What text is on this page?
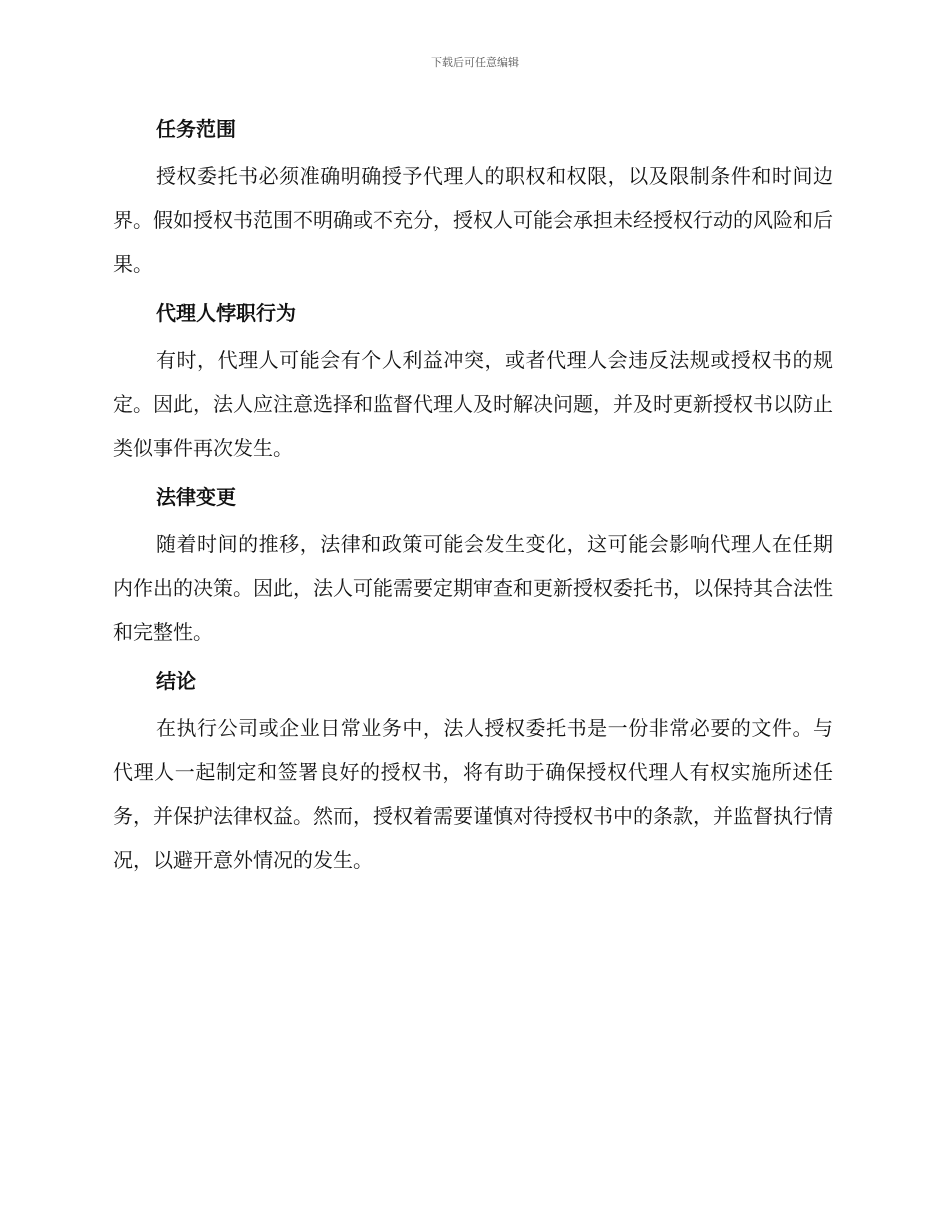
下载后可任意编辑
任务范围

授权委托书必须准确明确授予代理人的职权和权限，以及限制条件和时间边界。假如授权书范围不明确或不充分，授权人可能会承担未经授权行动的风险和后果。

代理人悖职行为

有时，代理人可能会有个人利益冲突，或者代理人会违反法规或授权书的规定。因此，法人应注意选择和监督代理人及时解决问题，并及时更新授权书以防止类似事件再次发生。

法律变更

随着时间的推移，法律和政策可能会发生变化，这可能会影响代理人在任期内作出的决策。因此，法人可能需要定期审查和更新授权委托书，以保持其合法性和完整性。

结论

在执行公司或企业日常业务中，法人授权委托书是一份非常必要的文件。与代理人一起制定和签署良好的授权书，将有助于确保授权代理人有权实施所述任务，并保护法律权益。然而，授权着需要谨慎对待授权书中的条款，并监督执行情况，以避开意外情况的发生。
